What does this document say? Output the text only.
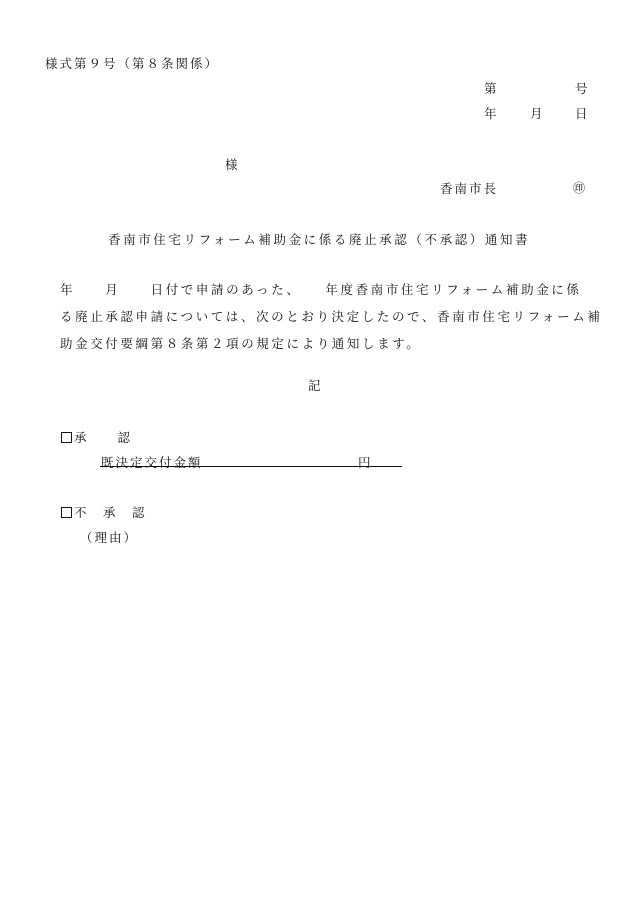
様式第９号（第８条関係）
第	号
年	月 日
様
香南市長	㊞
香南市住宅リフォーム補助金に係る廃止承認（不承認）通知書
年　　月　　日付で申請のあった、　　年度香南市住宅リフォーム補助金に係
る廃止承認申請については、次のとおり決定したので、香南市住宅リフォーム補
助金交付要綱第８条第２項の規定により通知します。
記
承　　認
既決定交付金額	円
不　承　認
（理由）
